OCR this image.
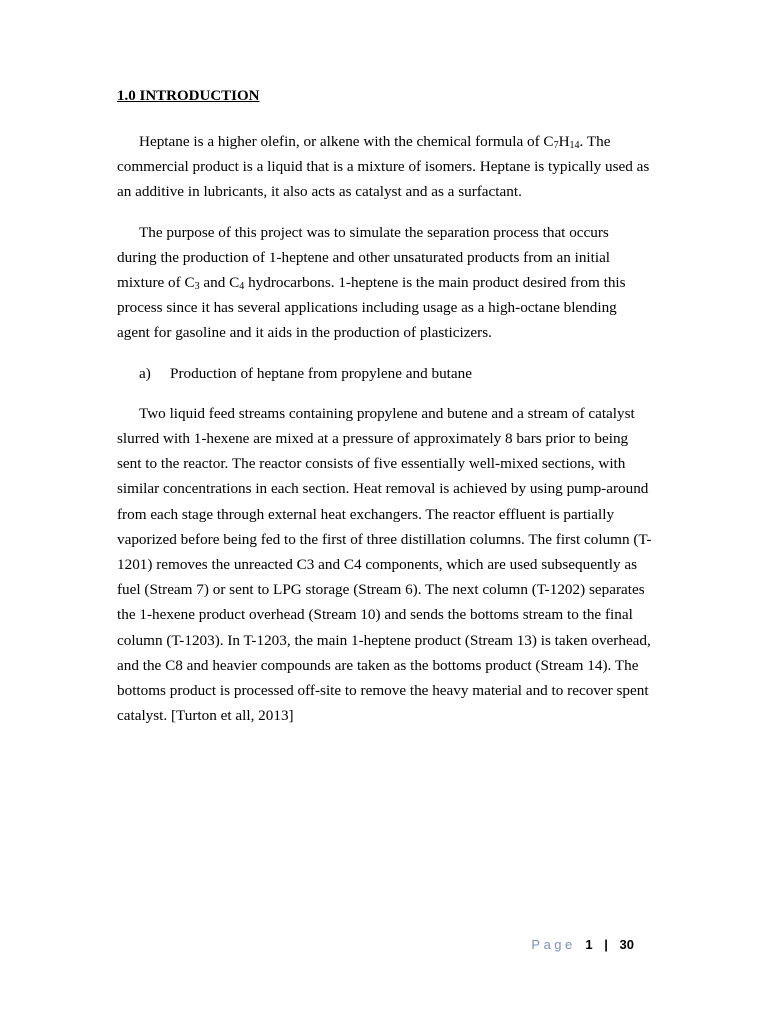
1.0 INTRODUCTION

Heptane is a higher olefin, or alkene with the chemical formula of $C_7H_{14}$. The commercial product is a liquid that is a mixture of isomers. Heptane is typically used as an additive in lubricants, it also acts as catalyst and as a surfactant.

The purpose of this project was to simulate the separation process that occurs during the production of 1-heptene and other unsaturated products from an initial mixture of $C_3$ and $C_4$ hydrocarbons. 1-heptene is the main product desired from this process since it has several applications including usage as a high-octane blending agent for gasoline and it aids in the production of plasticizers.

a) Production of heptane from propylene and butane

Two liquid feed streams containing propylene and butene and a stream of catalyst slurred with 1-hexene are mixed at a pressure of approximately 8 bars prior to being sent to the reactor. The reactor consists of five essentially well-mixed sections, with similar concentrations in each section. Heat removal is achieved by using pump-around from each stage through external heat exchangers. The reactor effluent is partially vaporized before being fed to the first of three distillation columns. The first column (T-1201) removes the unreacted C3 and C4 components, which are used subsequently as fuel (Stream 7) or sent to LPG storage (Stream 6). The next column (T-1202) separates the 1-hexene product overhead (Stream 10) and sends the bottoms stream to the final column (T-1203). In T-1203, the main 1-heptene product (Stream 13) is taken overhead, and the C8 and heavier compounds are taken as the bottoms product (Stream 14). The bottoms product is processed off-site to remove the heavy material and to recover spent catalyst. [Turton et all, 2013]

Page 1 | 30
